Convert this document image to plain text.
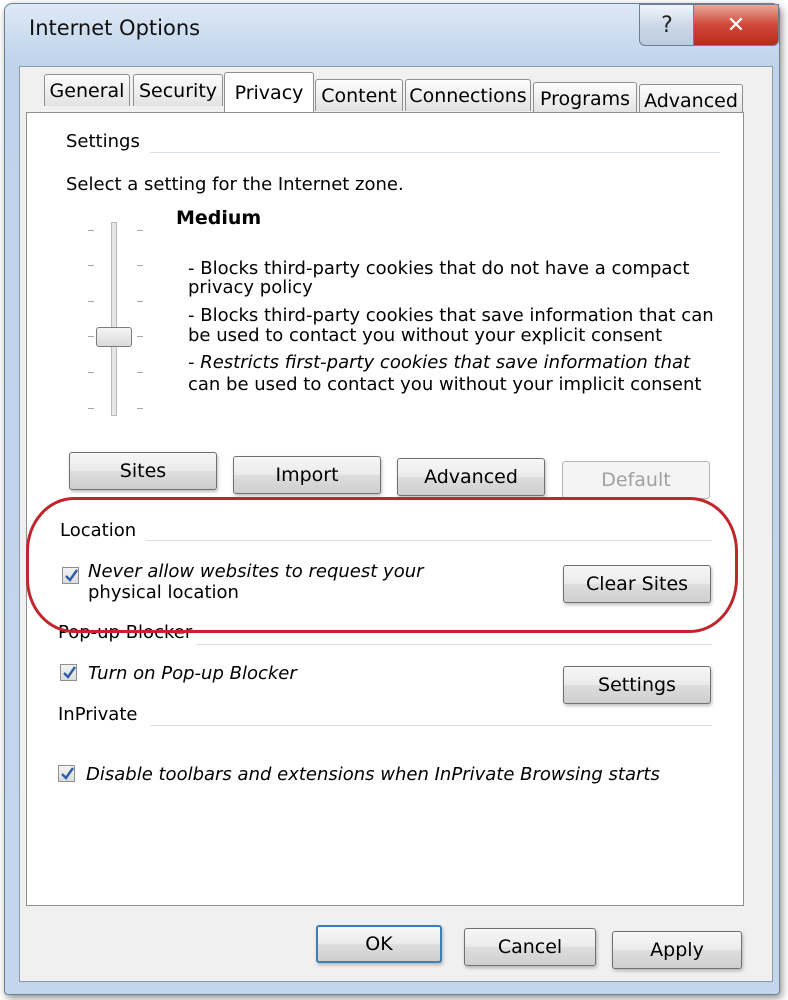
Internet Options	? ✕
General Security Privacy Content Connections Programs Advanced
Settings
Select a setting for the Internet zone.
Medium
- Blocks third-party cookies that do not have a compact
privacy policy
- Blocks third-party cookies that save information that can
be used to contact you without your explicit consent
- Restricts first-party cookies that save information that
can be used to contact you without your implicit consent
Sites	Import	Advanced	Default
Location
Never allow websites to request your
physical location	Clear Sites
Pop-up Blocker
Turn on Pop-up Blocker
Settings
InPrivate
Disable toolbars and extensions when InPrivate Browsing starts
OK	Cancel	Apply
